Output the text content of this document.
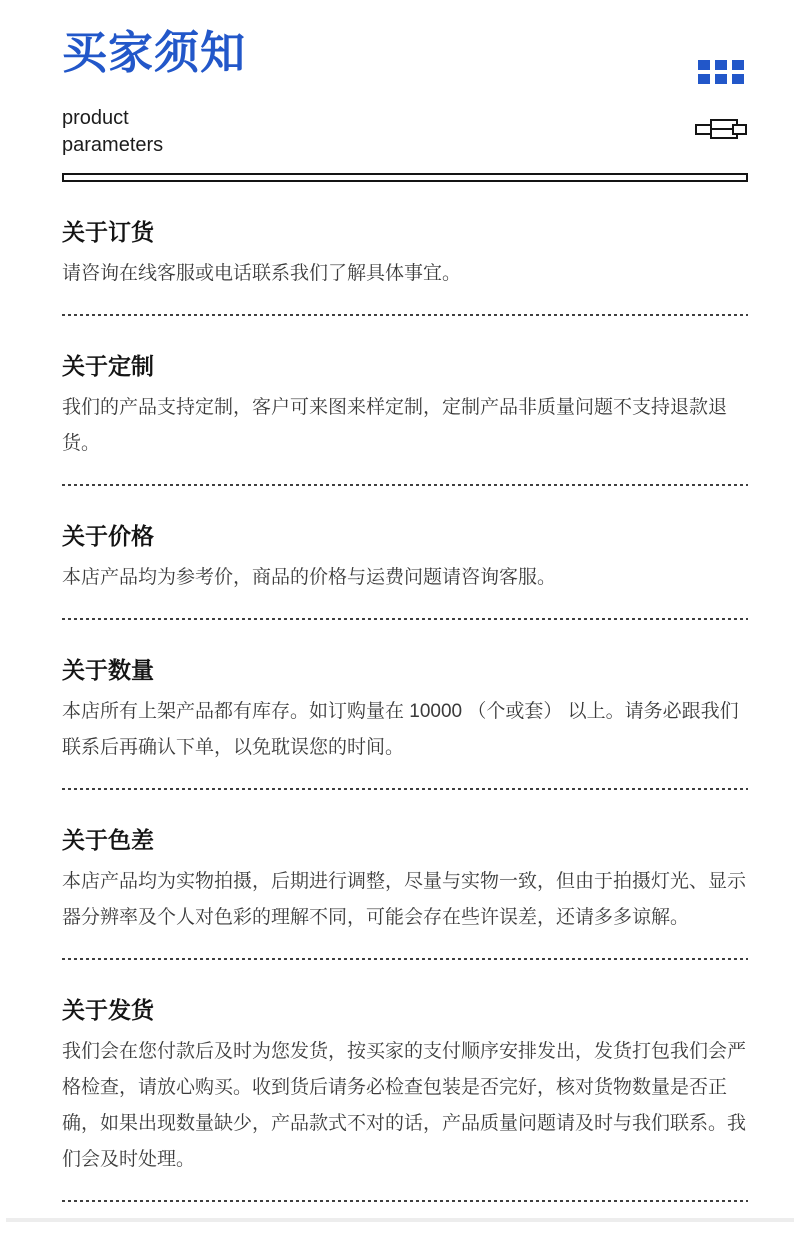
买家须知
product
parameters
关于订货

请咨询在线客服或电话联系我们了解具体事宜。

关于定制

我们的产品支持定制，客户可来图来样定制，定制产品非质量问题不支持退款退货。

关于价格

本店产品均为参考价，商品的价格与运费问题请咨询客服。

关于数量

本店所有上架产品都有库存。如订购量在 10000 （个或套） 以上。请务必跟我们联系后再确认下单，以免耽误您的时间。

关于色差

本店产品均为实物拍摄，后期进行调整，尽量与实物一致，但由于拍摄灯光、显示器分辨率及个人对色彩的理解不同，可能会存在些许误差，还请多多谅解。

关于发货

我们会在您付款后及时为您发货，按买家的支付顺序安排发出，发货打包我们会严格检查，请放心购买。收到货后请务必检查包装是否完好，核对货物数量是否正确，如果出现数量缺少，产品款式不对的话，产品质量问题请及时与我们联系。我们会及时处理。
